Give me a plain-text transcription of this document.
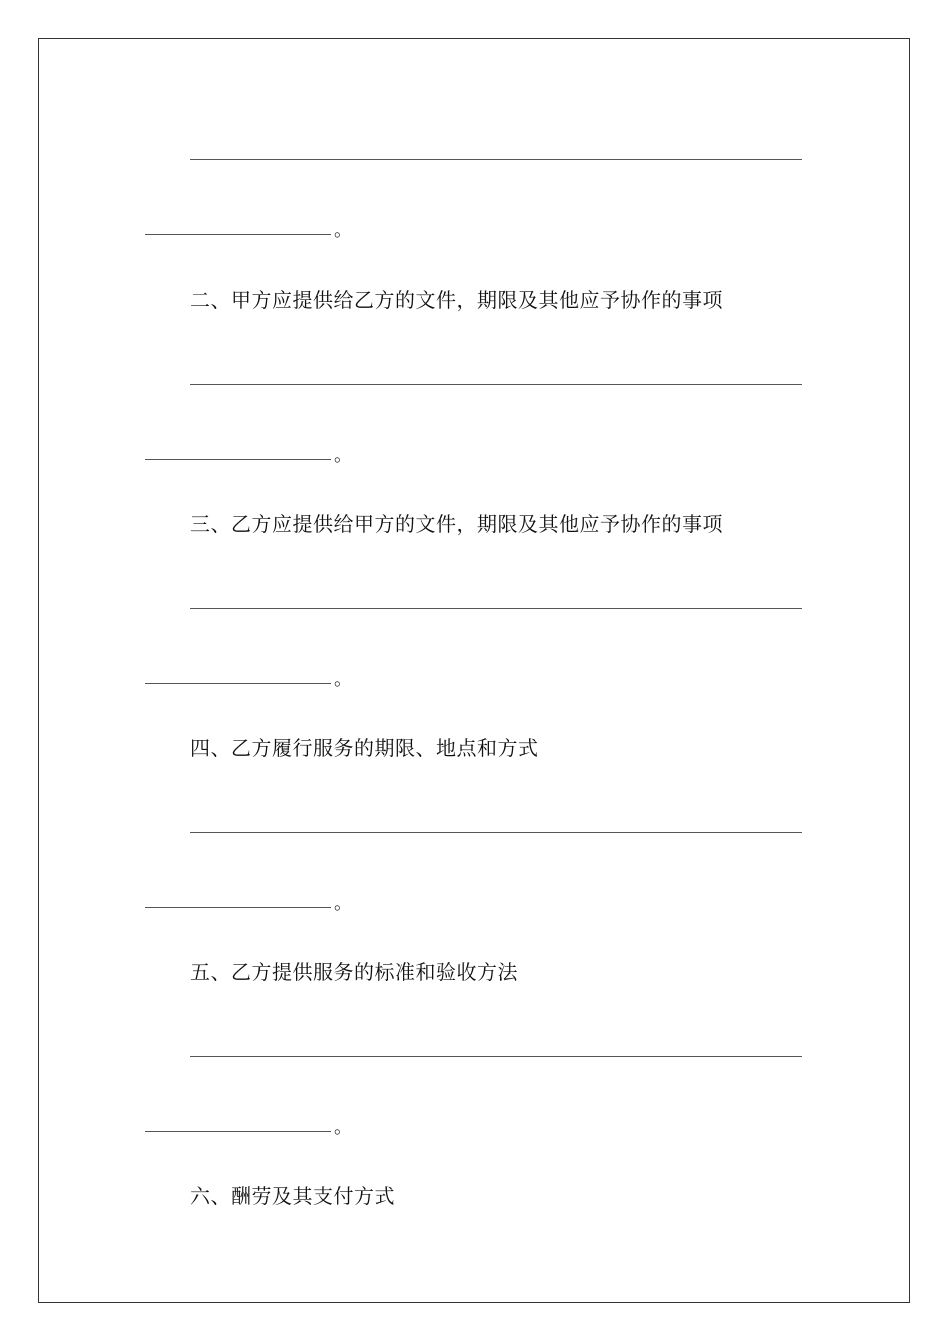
。
二、甲方应提供给乙方的文件，期限及其他应予协作的事项
。
三、乙方应提供给甲方的文件，期限及其他应予协作的事项
。
四、乙方履行服务的期限、地点和方式
。
五、乙方提供服务的标准和验收方法
。
六、酬劳及其支付方式
